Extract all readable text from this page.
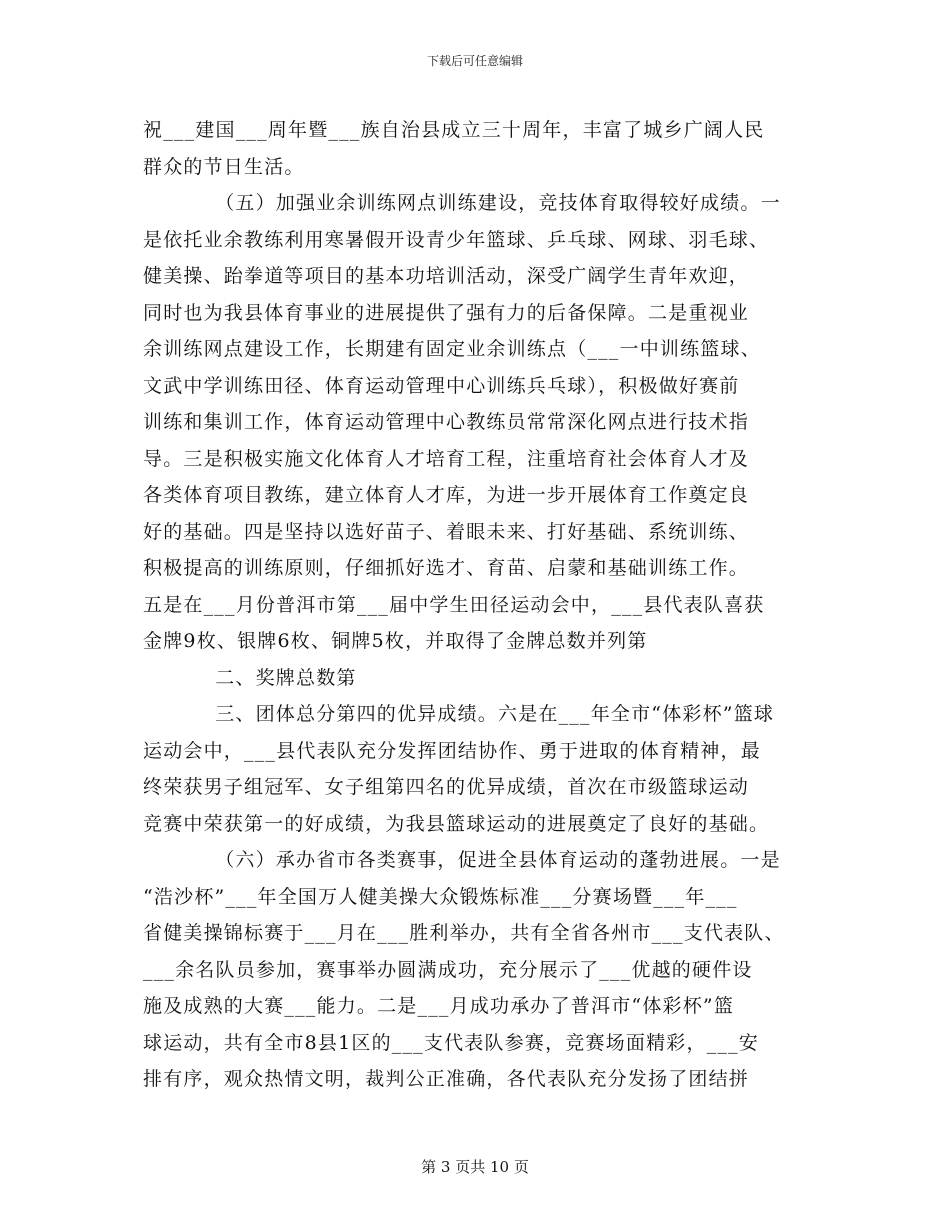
下载后可任意编辑
祝___建国___周年暨___族自治县成立三十周年，丰富了城乡广阔人民
群众的节日生活。
（五）加强业余训练网点训练建设，竞技体育取得较好成绩。一
是依托业余教练利用寒暑假开设青少年篮球、乒乓球、网球、羽毛球、
健美操、跆拳道等项目的基本功培训活动，深受广阔学生青年欢迎，
同时也为我县体育事业的进展提供了强有力的后备保障。二是重视业
余训练网点建设工作，长期建有固定业余训练点（___一中训练篮球、
文武中学训练田径、体育运动管理中心训练兵乓球），积极做好赛前
训练和集训工作，体育运动管理中心教练员常常深化网点进行技术指
导。三是积极实施文化体育人才培育工程，注重培育社会体育人才及
各类体育项目教练，建立体育人才库，为进一步开展体育工作奠定良
好的基础。四是坚持以选好苗子、着眼未来、打好基础、系统训练、
积极提高的训练原则，仔细抓好选才、育苗、启蒙和基础训练工作。
五是在___月份普洱市第___届中学生田径运动会中，___县代表队喜获
金牌9枚、银牌6枚、铜牌5枚，并取得了金牌总数并列第
二、奖牌总数第
三、团体总分第四的优异成绩。六是在___年全市“体彩杯”篮球
运动会中，___县代表队充分发挥团结协作、勇于进取的体育精神，最
终荣获男子组冠军、女子组第四名的优异成绩，首次在市级篮球运动
竞赛中荣获第一的好成绩，为我县篮球运动的进展奠定了良好的基础。
（六）承办省市各类赛事，促进全县体育运动的蓬勃进展。一是
“浩沙杯”___年全国万人健美操大众锻炼标准___分赛场暨___年___
省健美操锦标赛于___月在___胜利举办，共有全省各州市___支代表队、
___余名队员参加，赛事举办圆满成功，充分展示了___优越的硬件设
施及成熟的大赛___能力。二是___月成功承办了普洱市“体彩杯”篮
球运动，共有全市8县1区的___支代表队参赛，竞赛场面精彩，___安
排有序，观众热情文明，裁判公正准确，各代表队充分发扬了团结拼
第 3 页共 10 页
